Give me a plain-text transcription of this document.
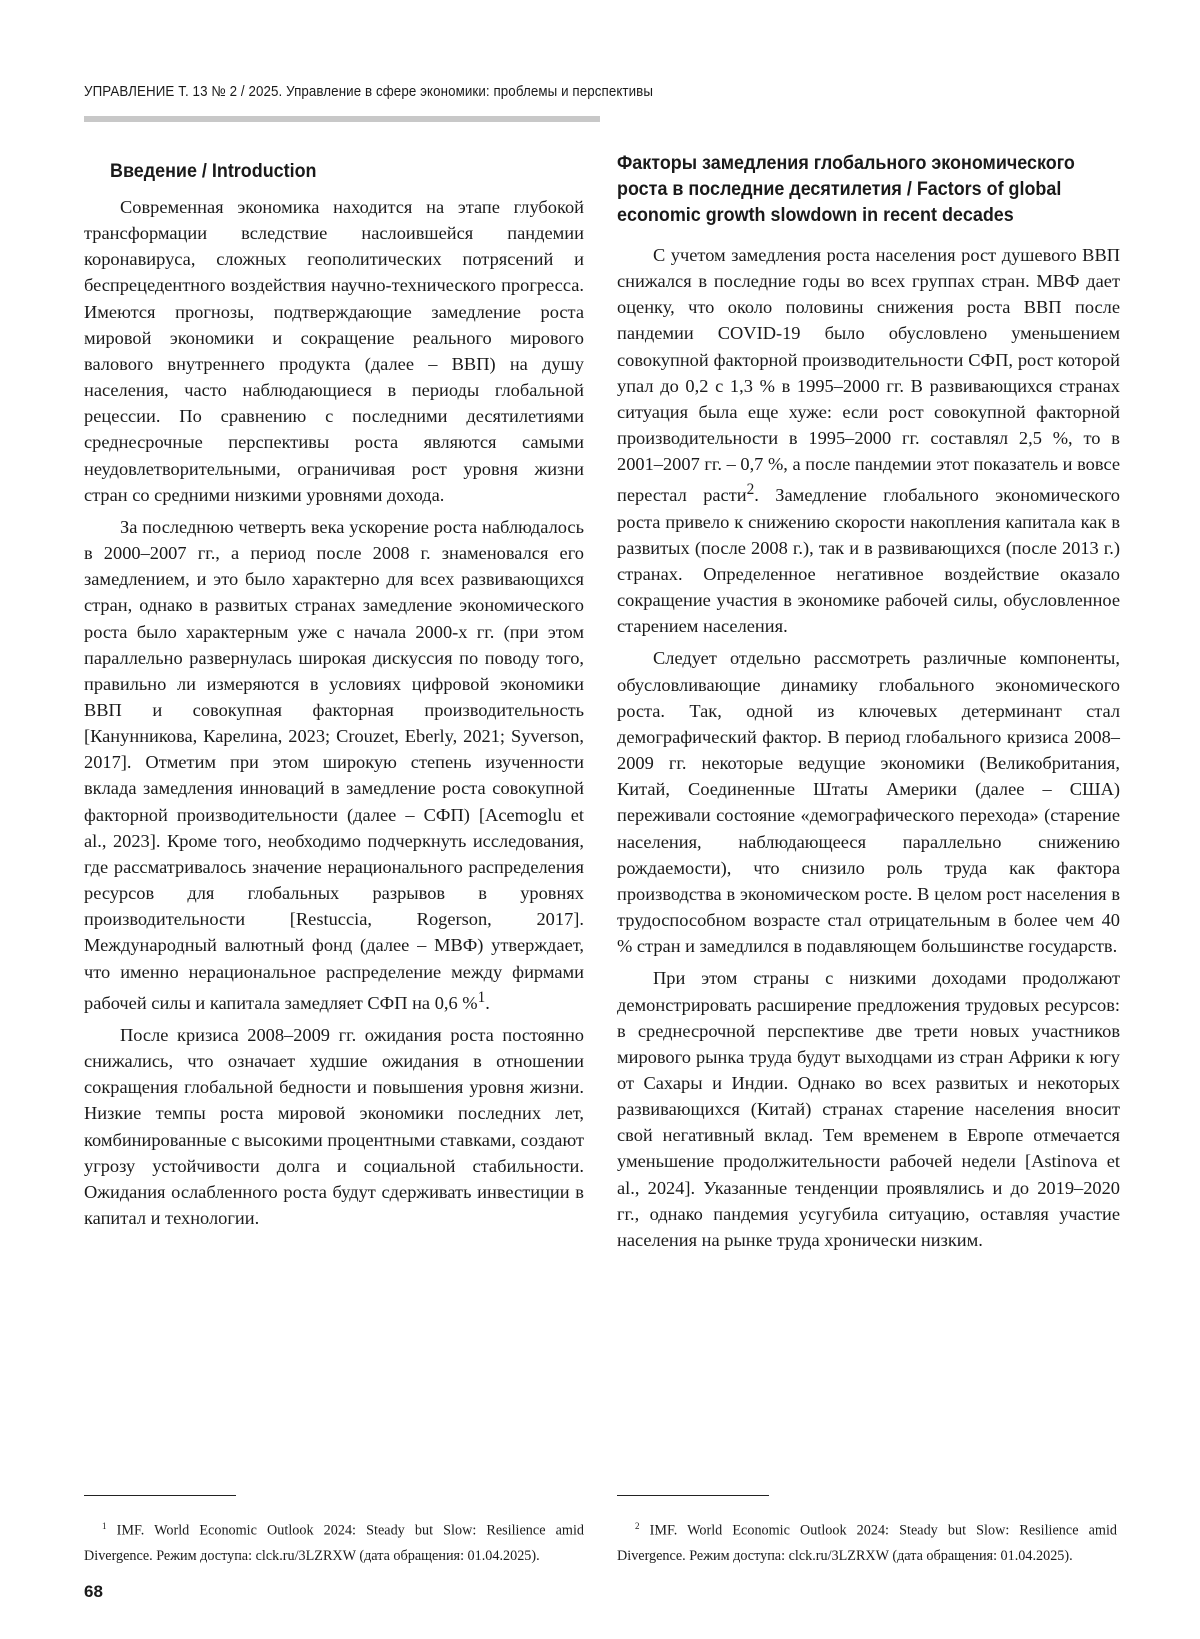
УПРАВЛЕНИЕ Т. 13 № 2 / 2025. Управление в сфере экономики: проблемы и перспективы
Введение / Introduction

Современная экономика находится на этапе глубокой трансформации вследствие наслоившейся пандемии коронавируса, сложных геополитических потрясений и беспрецедентного воздействия научно-технического прогресса. Имеются прогнозы, подтверждающие замедление роста мировой экономики и сокращение реального мирового валового внутреннего продукта (далее – ВВП) на душу населения, часто наблюдающиеся в периоды глобальной рецессии. По сравнению с последними десятилетиями среднесрочные перспективы роста являются самыми неудовлетворительными, ограничивая рост уровня жизни стран со средними низкими уровнями дохода.

За последнюю четверть века ускорение роста наблюдалось в 2000–2007 гг., а период после 2008 г. знаменовался его замедлением, и это было характерно для всех развивающихся стран, однако в развитых странах замедление экономического роста было характерным уже с начала 2000-х гг. (при этом параллельно развернулась широкая дискуссия по поводу того, правильно ли измеряются в условиях цифровой экономики ВВП и совокупная факторная производительность [Канунникова, Карелина, 2023; Crouzet, Eberly, 2021; Syverson, 2017]. Отметим при этом широкую степень изученности вклада замедления инноваций в замедление роста совокупной факторной производительности (далее – СФП) [Acemoglu et al., 2023]. Кроме того, необходимо подчеркнуть исследования, где рассматривалось значение нерационального распределения ресурсов для глобальных разрывов в уровнях производительности [Restuccia, Rogerson, 2017]. Международный валютный фонд (далее – МВФ) утверждает, что именно нерациональное распределение между фирмами рабочей силы и капитала замедляет СФП на 0,6 %$^1$.

После кризиса 2008–2009 гг. ожидания роста постоянно снижались, что означает худшие ожидания в отношении сокращения глобальной бедности и повышения уровня жизни. Низкие темпы роста мировой экономики последних лет, комбинированные с высокими процентными ставками, создают угрозу устойчивости долга и социальной стабильности. Ожидания ослабленного роста будут сдерживать инвестиции в капитал и технологии.

Факторы замедления глобального экономического роста в последние десятилетия / Factors of global economic growth slowdown in recent decades

С учетом замедления роста населения рост душевого ВВП снижался в последние годы во всех группах стран. МВФ дает оценку, что около половины снижения роста ВВП после пандемии COVID-19 было обусловлено уменьшением совокупной факторной производительности СФП, рост которой упал до 0,2 с 1,3 % в 1995–2000 гг. В развивающихся странах ситуация была еще хуже: если рост совокупной факторной производительности в 1995–2000 гг. составлял 2,5 %, то в 2001–2007 гг. – 0,7 %, а после пандемии этот показатель и вовсе перестал расти$^2$. Замедление глобального экономического роста привело к снижению скорости накопления капитала как в развитых (после 2008 г.), так и в развивающихся (после 2013 г.) странах. Определенное негативное воздействие оказало сокращение участия в экономике рабочей силы, обусловленное старением населения.

Следует отдельно рассмотреть различные компоненты, обусловливающие динамику глобального экономического роста. Так, одной из ключевых детерминант стал демографический фактор. В период глобального кризиса 2008–2009 гг. некоторые ведущие экономики (Великобритания, Китай, Соединенные Штаты Америки (далее – США) переживали состояние «демографического перехода» (старение населения, наблюдающееся параллельно снижению рождаемости), что снизило роль труда как фактора производства в экономическом росте. В целом рост населения в трудоспособном возрасте стал отрицательным в более чем 40 % стран и замедлился в подавляющем большинстве государств.

При этом страны с низкими доходами продолжают демонстрировать расширение предложения трудовых ресурсов: в среднесрочной перспективе две трети новых участников мирового рынка труда будут выходцами из стран Африки к югу от Сахары и Индии. Однако во всех развитых и некоторых развивающихся (Китай) странах старение населения вносит свой негативный вклад. Тем временем в Европе отмечается уменьшение продолжительности рабочей недели [Astinova et al., 2024]. Указанные тенденции проявлялись и до 2019–2020 гг., однако пандемия усугубила ситуацию, оставляя участие населения на рынке труда хронически низким.

$^1$ IMF. World Economic Outlook 2024: Steady but Slow: Resilience amid Divergence. Режим доступа: clck.ru/3LZRXW (дата обращения: 01.04.2025).
$^2$ IMF. World Economic Outlook 2024: Steady but Slow: Resilience amid Divergence. Режим доступа: clck.ru/3LZRXW (дата обращения: 01.04.2025).
68
